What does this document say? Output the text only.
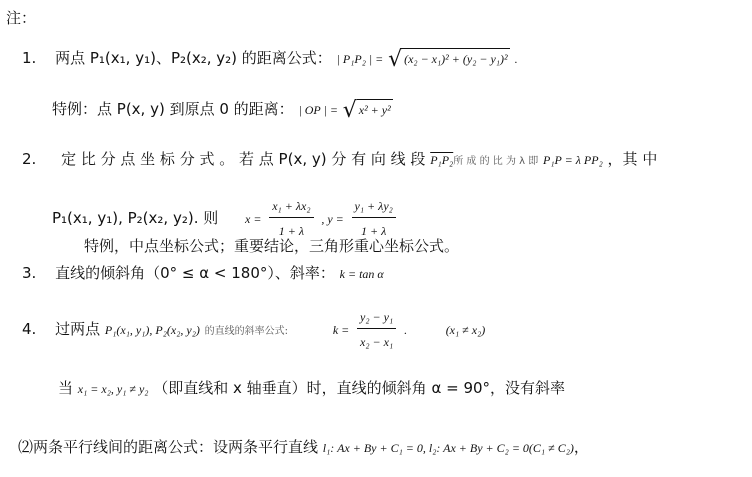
注：
1. 两点 P₁(x₁, y₁)、P₂(x₂, y₂) 的距离公式： | P₁P₂ | = √ (x₂ − x₁)² + (y₂ − y₁)² .
特例：点 P(x, y) 到原点 0 的距离： | OP | = √ x² + y²
2. 定 比 分 点 坐 标 分 式 。 若 点 P(x, y) 分 有 向 线 段 P₁P₂所 成 的 比 为 λ 即 P₁P = λ PP₂ ，其 中
P₁(x₁, y₁), P₂(x₂, y₂). 则 $x = \frac{\text{x₁ + λx₂}}{1 + \lambda}$ , $y = \frac{\text{y₁ + λy₂}}{1 + \lambda}$
特例，中点坐标公式；重要结论，三角形重心坐标公式。
3. 直线的倾斜角（0° ≤ α < 180°）、斜率： k = tan α
4. 过两点 P₁(x₁, y₁), P₂(x₂, y₂) 的直线的斜率公式:	$k = \frac{\text{y₂ − y₁}}{\text{x₂ − x₁}}$ .	(x₁ ≠ x₂)
当 x₁ = x₂, y₁ ≠ y₂ （即直线和 x 轴垂直）时，直线的倾斜角 α = 90°，没有斜率
⑵两条平行线间的距离公式：设两条平行直线 l₁: Ax + By + C₁ = 0, l₂: Ax + By + C₂ = 0(C₁ ≠ C₂)，
